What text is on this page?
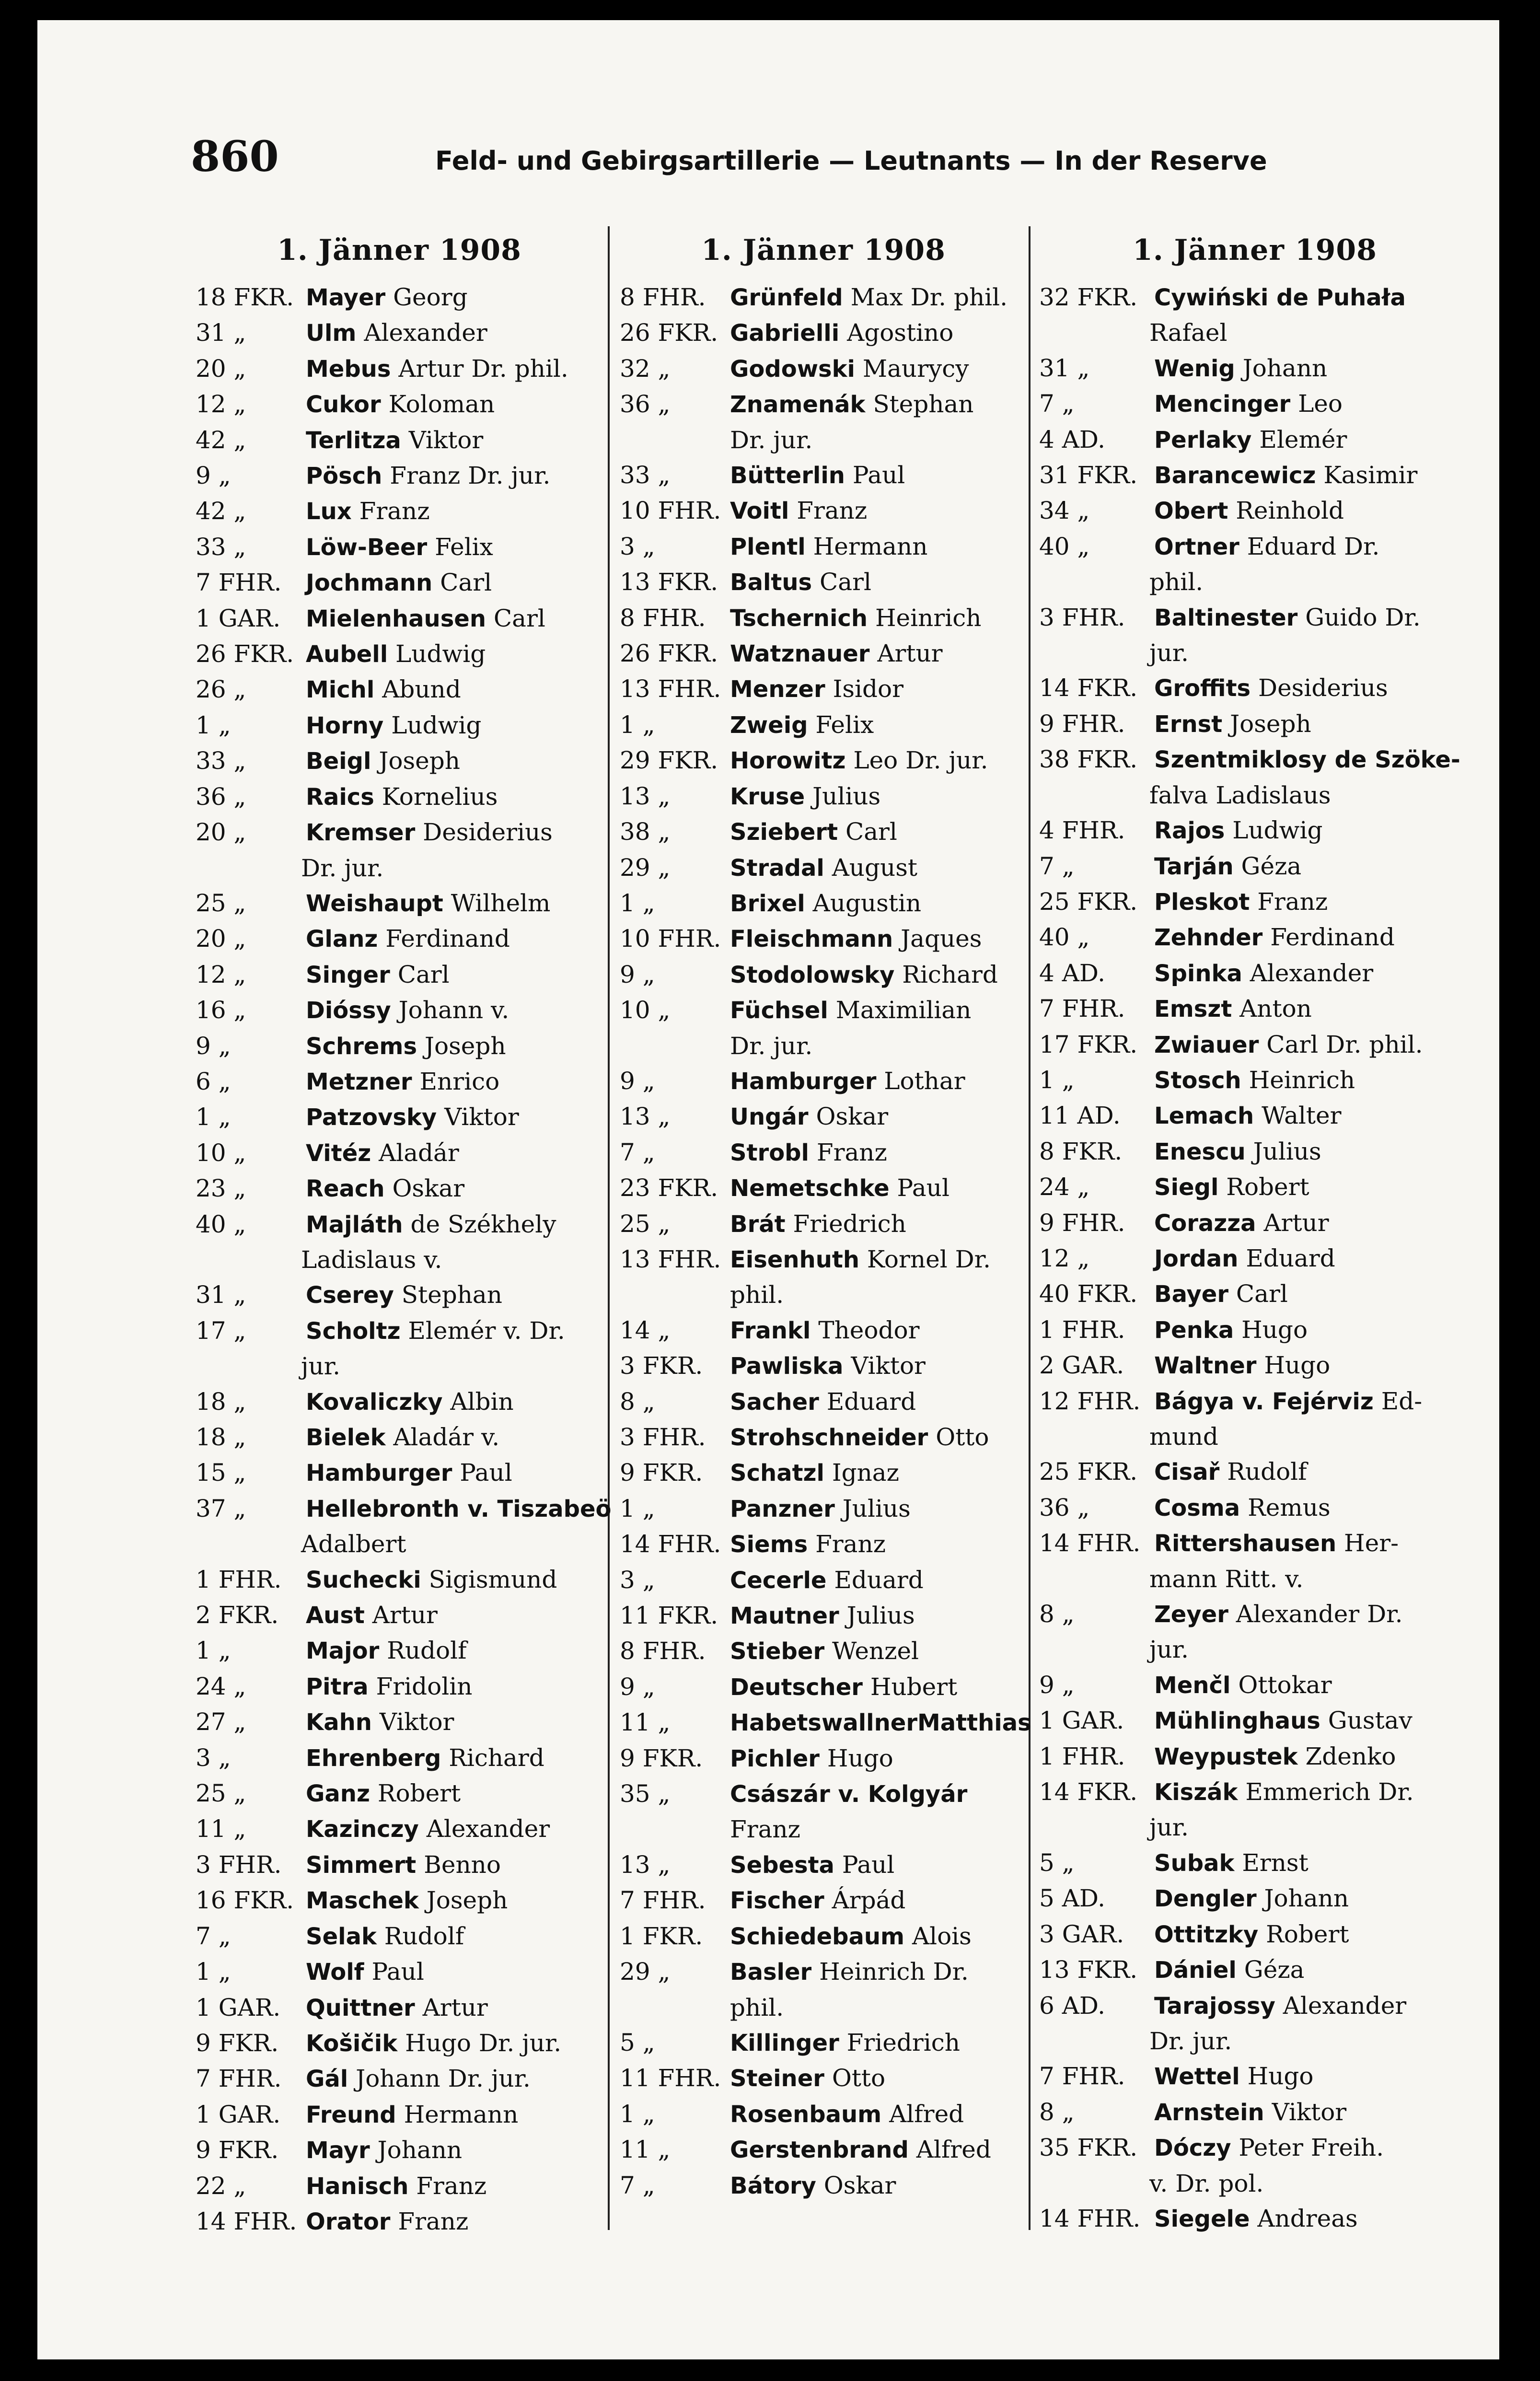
860	Feld- und Gebirgsartillerie — Leutnants — In der Reserve
1. Jänner 1908
18 FKR. Mayer Georg
31 „	Ulm Alexander
20 „	Mebus Artur Dr. phil.
12 „	Cukor Koloman
42 „	Terlitza Viktor
9 „	Pösch Franz Dr. jur.
42 „	Lux Franz
33 „	Löw-Beer Felix
7 FHR. Jochmann Carl
1 GAR. Mielenhausen Carl
26 FKR. Aubell Ludwig
26 „	Michl Abund
1 „	Horny Ludwig
33 „	Beigl Joseph
36 „	Raics Kornelius
20 „	Kremser Desiderius
Dr. jur.
25 „	Weishaupt Wilhelm
20 „	Glanz Ferdinand
12 „	Singer Carl
16 „	Dióssy Johann v.
9 „	Schrems Joseph
6 „	Metzner Enrico
1 „	Patzovsky Viktor
10 „	Vitéz Aladár
23 „	Reach Oskar
40 „	Majláth de Székhely
Ladislaus v.
31 „	Cserey Stephan
17 „	Scholtz Elemér v. Dr.
jur.
18 „	Kovaliczky Albin
18 „	Bielek Aladár v.
15 „	Hamburger Paul
37 „	Hellebronth v. Tiszabeö
Adalbert
1 FHR. Suchecki Sigismund
2 FKR. Aust Artur
1 „	Major Rudolf
24 „	Pitra Fridolin
27 „	Kahn Viktor
3 „	Ehrenberg Richard
25 „	Ganz Robert
11 „	Kazinczy Alexander
3 FHR. Simmert Benno
16 FKR. Maschek Joseph
7 „	Selak Rudolf
1 „	Wolf Paul
1 GAR. Quittner Artur
9 FKR. Košičik Hugo Dr. jur.
7 FHR. Gál Johann Dr. jur.
1 GAR. Freund Hermann
9 FKR. Mayr Johann
22 „	Hanisch Franz
14 FHR. Orator Franz
1. Jänner 1908
8 FHR. Grünfeld Max Dr. phil.
26 FKR. Gabrielli Agostino
32 „	Godowski Maurycy
36 „	Znamenák Stephan
Dr. jur.
33 „	Bütterlin Paul
10 FHR. Voitl Franz
3 „	Plentl Hermann
13 FKR. Baltus Carl
8 FHR. Tschernich Heinrich
26 FKR. Watznauer Artur
13 FHR. Menzer Isidor
1 „	Zweig Felix
29 FKR. Horowitz Leo Dr. jur.
13 „	Kruse Julius
38 „	Sziebert Carl
29 „	Stradal August
1 „	Brixel Augustin
10 FHR. Fleischmann Jaques
9 „	Stodolowsky Richard
10 „	Füchsel Maximilian
Dr. jur.
9 „	Hamburger Lothar
13 „	Ungár Oskar
7 „	Strobl Franz
23 FKR. Nemetschke Paul
25 „	Brát Friedrich
13 FHR. Eisenhuth Kornel Dr.
phil.
14 „	Frankl Theodor
3 FKR. Pawliska Viktor
8 „	Sacher Eduard
3 FHR. Strohschneider Otto
9 FKR. Schatzl Ignaz
1 „	Panzner Julius
14 FHR. Siems Franz
3 „	Cecerle Eduard
11 FKR. Mautner Julius
8 FHR. Stieber Wenzel
9 „	Deutscher Hubert
11 „	HabetswallnerMatthias
9 FKR. Pichler Hugo
35 „	Császár v. Kolgyár
Franz
13 „	Sebesta Paul
7 FHR. Fischer Árpád
1 FKR. Schiedebaum Alois
29 „	Basler Heinrich Dr.
phil.
5 „	Killinger Friedrich
11 FHR. Steiner Otto
1 „	Rosenbaum Alfred
11 „	Gerstenbrand Alfred
7 „	Bátory Oskar
1. Jänner 1908
32 FKR. Cywiński de Puhała
Rafael
31 „	Wenig Johann
7 „	Mencinger Leo
4 AD. Perlaky Elemér
31 FKR. Barancewicz Kasimir
34 „	Obert Reinhold
40 „	Ortner Eduard Dr.
phil.
3 FHR. Baltinester Guido Dr.
jur.
14 FKR. Groffits Desiderius
9 FHR. Ernst Joseph
38 FKR. Szentmiklosy de Szöke-
falva Ladislaus
4 FHR. Rajos Ludwig
7 „	Tarján Géza
25 FKR. Pleskot Franz
40 „	Zehnder Ferdinand
4 AD. Spinka Alexander
7 FHR. Emszt Anton
17 FKR. Zwiauer Carl Dr. phil.
1 „	Stosch Heinrich
11 AD. Lemach Walter
8 FKR. Enescu Julius
24 „	Siegl Robert
9 FHR. Corazza Artur
12 „	Jordan Eduard
40 FKR. Bayer Carl
1 FHR. Penka Hugo
2 GAR. Waltner Hugo
12 FHR. Bágya v. Fejérviz Ed-
mund
25 FKR. Cisař Rudolf
36 „	Cosma Remus
14 FHR. Rittershausen Her-
mann Ritt. v.
8 „	Zeyer Alexander Dr.
jur.
9 „	Menčl Ottokar
1 GAR. Mühlinghaus Gustav
1 FHR. Weypustek Zdenko
14 FKR. Kiszák Emmerich Dr.
jur.
5 „	Subak Ernst
5 AD. Dengler Johann
3 GAR. Ottitzky Robert
13 FKR. Dániel Géza
6 AD. Tarajossy Alexander
Dr. jur.
7 FHR. Wettel Hugo
8 „	Arnstein Viktor
35 FKR. Dóczy Peter Freih.
v. Dr. pol.
14 FHR. Siegele Andreas
